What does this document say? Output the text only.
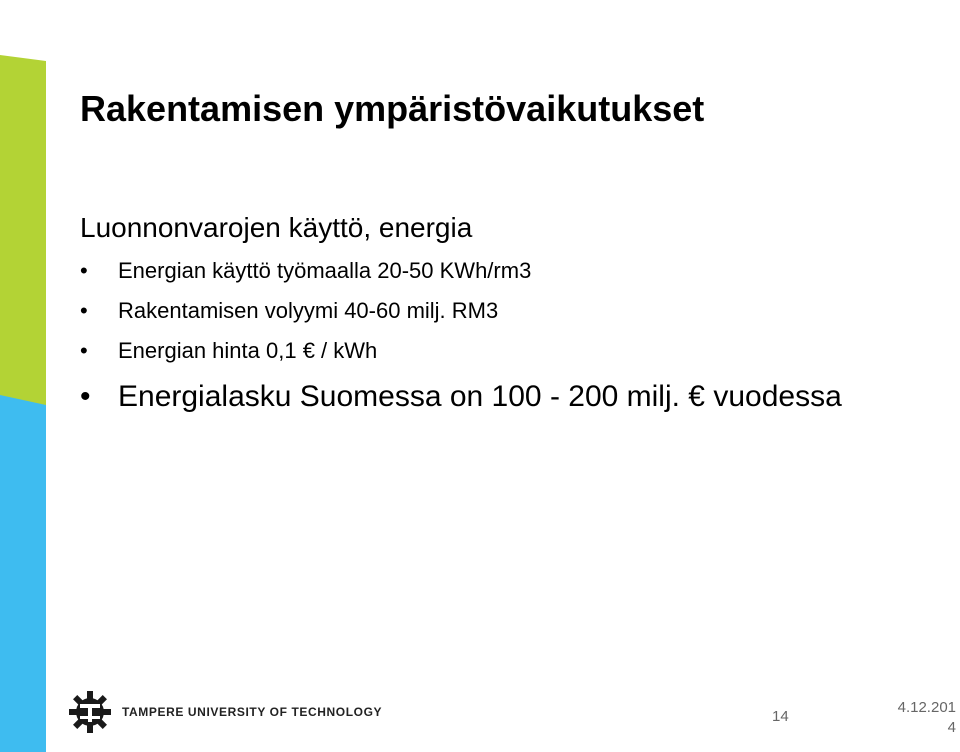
Rakentamisen ympäristövaikutukset
Luonnonvarojen käyttö, energia
• Energian käyttö työmaalla 20-50 KWh/rm3
• Rakentamisen volyymi 40-60 milj. RM3
• Energian hinta 0,1 € / kWh
• Energialasku Suomessa on 100 - 200 milj. € vuodessa
TAMPERE UNIVERSITY OF TECHNOLOGY	14
4.12.2014
